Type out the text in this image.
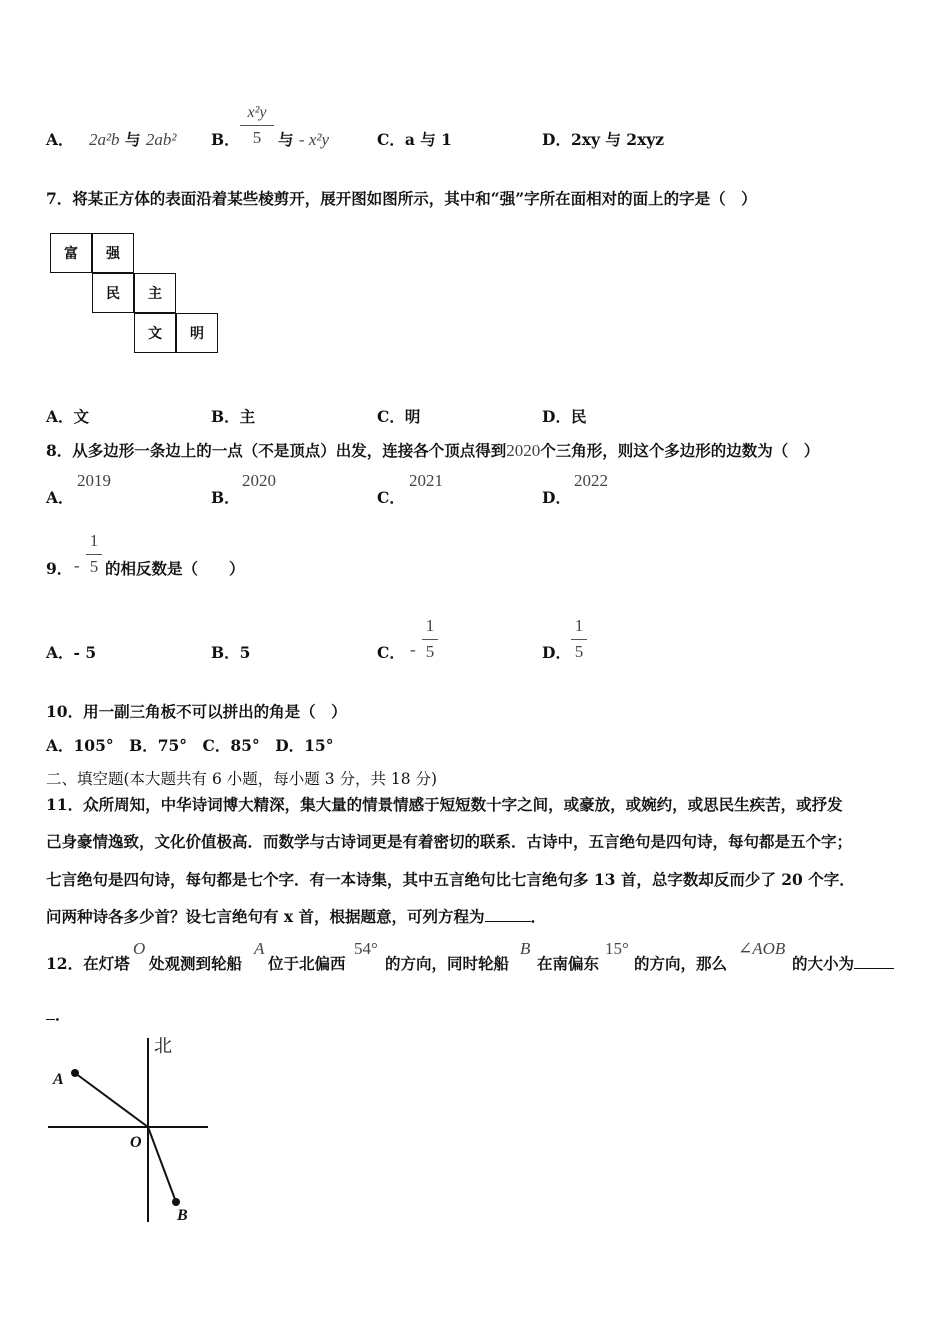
A． 2a²b 与 2ab² B．
x²y
5	与 - x²y	C．a 与 1	D．2xy 与 2xyz
7．将某正方体的表面沿着某些棱剪开，展开图如图所示，其中和“强”字所在面相对的面上的字是（　）
富	强
民	主
文	明
A．文	B．主	C．明	D．民
8．从多边形一条边上的一点（不是顶点）出发，连接各个顶点得到2020个三角形，则这个多边形的边数为（　）
A．
2019
B．
2020
C．
2021
D．
2022
9． -
1
5 的相反数是（　　）
A．- 5	B．5	C． -
1
5	D．
1
5
10．用一副三角板不可以拼出的角是（　）
A．105°　B．75°　C．85°　D．15°
二、填空题(本大题共有 6 小题，每小题 3 分，共 18 分)
11．众所周知，中华诗词博大精深，集大量的情景情感于短短数十字之间，或豪放，或婉约，或思民生疾苦，或抒发
己身豪情逸致，文化价值极高．而数学与古诗词更是有着密切的联系．古诗中，五言绝句是四句诗，每句都是五个字；
七言绝句是四句诗，每句都是七个字．有一本诗集，其中五言绝句比七言绝句多 13 首，总字数却反而少了 20 个字．
问两种诗各多少首？设七言绝句有 x 首，根据题意，可列方程为	．
12．在灯塔
O
处观测到轮船
A
位于北偏西
54°
的方向，同时轮船
B
在南偏东
15°
的方向，那么
∠AOB
的大小为
．
北
A
O
B
